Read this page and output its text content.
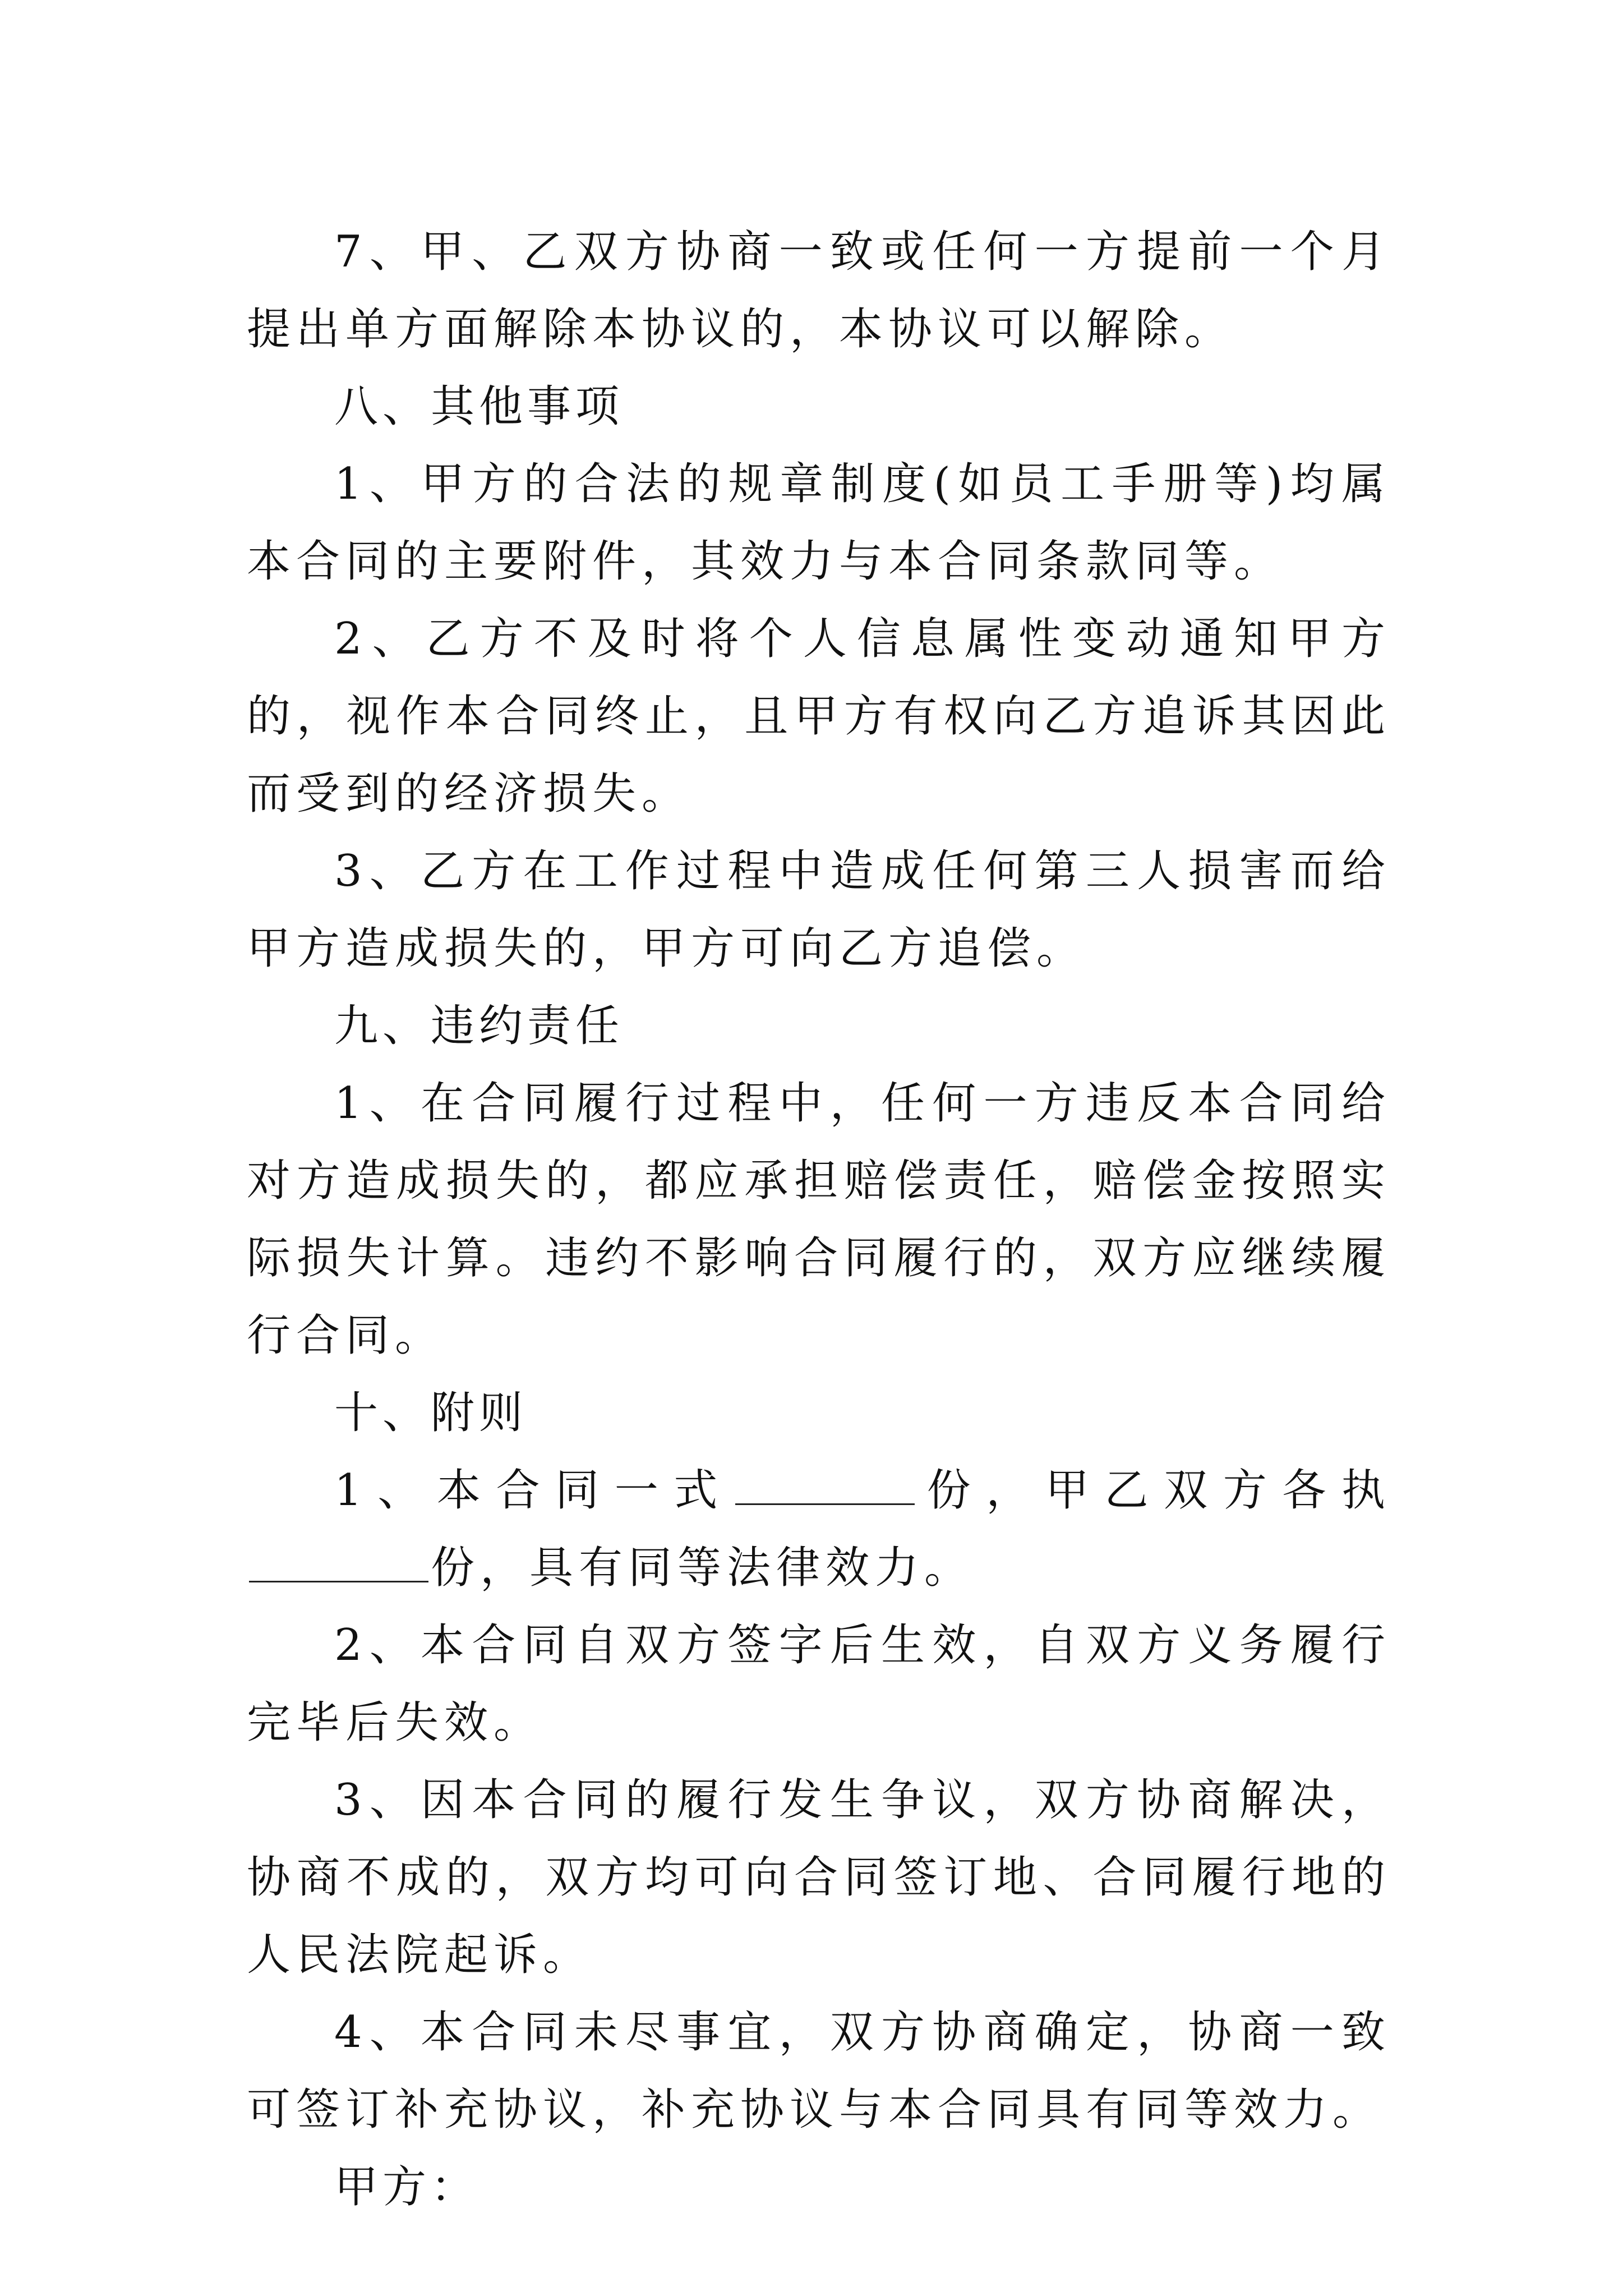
7、甲、乙双方协商一致或任何一方提前一个月提出单方面解除本协议的，本协议可以解除。

八、其他事项

1、甲方的合法的规章制度(如员工手册等)均属本合同的主要附件，其效力与本合同条款同等。

2、乙方不及时将个人信息属性变动通知甲方的，视作本合同终止，且甲方有权向乙方追诉其因此而受到的经济损失。

3、乙方在工作过程中造成任何第三人损害而给甲方造成损失的，甲方可向乙方追偿。

九、违约责任

1、在合同履行过程中，任何一方违反本合同给对方造成损失的，都应承担赔偿责任，赔偿金按照实际损失计算。违约不影响合同履行的，双方应继续履行合同。

十、附则

1、本合同一式	份，甲乙双方各执份，具有同等法律效力。

2、本合同自双方签字后生效，自双方义务履行完毕后失效。

3、因本合同的履行发生争议，双方协商解决，协商不成的，双方均可向合同签订地、合同履行地的人民法院起诉。

4、本合同未尽事宜，双方协商确定，协商一致可签订补充协议，补充协议与本合同具有同等效力。

甲方：
